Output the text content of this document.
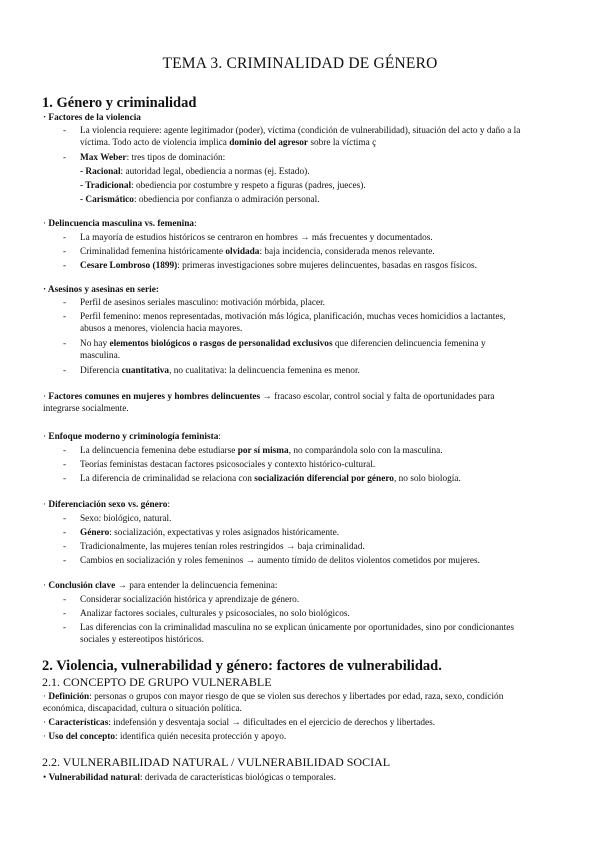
TEMA 3. CRIMINALIDAD DE GÉNERO
1. Género y criminalidad
· Factores de la violencia
- La violencia requiere: agente legitimador (poder), víctima (condición de vulnerabilidad), situación del acto y daño a la
víctima. Todo acto de violencia implica dominio del agresor sobre la víctima ç
- Max Weber: tres tipos de dominación:
- Racional: autoridad legal, obediencia a normas (ej. Estado).
- Tradicional: obediencia por costumbre y respeto a figuras (padres, jueces).
- Carismático: obediencia por confianza o admiración personal.
· Delincuencia masculina vs. femenina:
- La mayoría de estudios históricos se centraron en hombres → más frecuentes y documentados.
- Criminalidad femenina históricamente olvidada: baja incidencia, considerada menos relevante.
- Cesare Lombroso (1899): primeras investigaciones sobre mujeres delincuentes, basadas en rasgos físicos.
· Asesinos y asesinas en serie:
- Perfil de asesinos seriales masculino: motivación mórbida, placer.
- Perfil femenino: menos representadas, motivación más lógica, planificación, muchas veces homicidios a lactantes,
abusos a menores, violencia hacia mayores.
- No hay elementos biológicos o rasgos de personalidad exclusivos que diferencien delincuencia femenina y
masculina.
- Diferencia cuantitativa, no cualitativa: la delincuencia femenina es menor.
· Factores comunes en mujeres y hombres delincuentes → fracaso escolar, control social y falta de oportunidades para
integrarse socialmente.
· Enfoque moderno y criminología feminista:
- La delincuencia femenina debe estudiarse por sí misma, no comparándola solo con la masculina.
- Teorías feministas destacan factores psicosociales y contexto histórico-cultural.
- La diferencia de criminalidad se relaciona con socialización diferencial por género, no solo biología.
· Diferenciación sexo vs. género:
- Sexo: biológico, natural.
- Género: socialización, expectativas y roles asignados históricamente.
- Tradicionalmente, las mujeres tenían roles restringidos → baja criminalidad.
- Cambios en socialización y roles femeninos → aumento tímido de delitos violentos cometidos por mujeres.
· Conclusión clave → para entender la delincuencia femenina:
- Considerar socialización histórica y aprendizaje de género.
- Analizar factores sociales, culturales y psicosociales, no solo biológicos.
- Las diferencias con la criminalidad masculina no se explican únicamente por oportunidades, sino por condicionantes
sociales y estereotipos históricos.
2. Violencia, vulnerabilidad y género: factores de vulnerabilidad.
2.1. CONCEPTO DE GRUPO VULNERABLE
· Definición: personas o grupos con mayor riesgo de que se violen sus derechos y libertades por edad, raza, sexo, condición
económica, discapacidad, cultura o situación política.
· Características: indefensión y desventaja social → dificultades en el ejercicio de derechos y libertades.
· Uso del concepto: identifica quién necesita protección y apoyo.
2.2. VULNERABILIDAD NATURAL / VULNERABILIDAD SOCIAL
• Vulnerabilidad natural: derivada de características biológicas o temporales.
